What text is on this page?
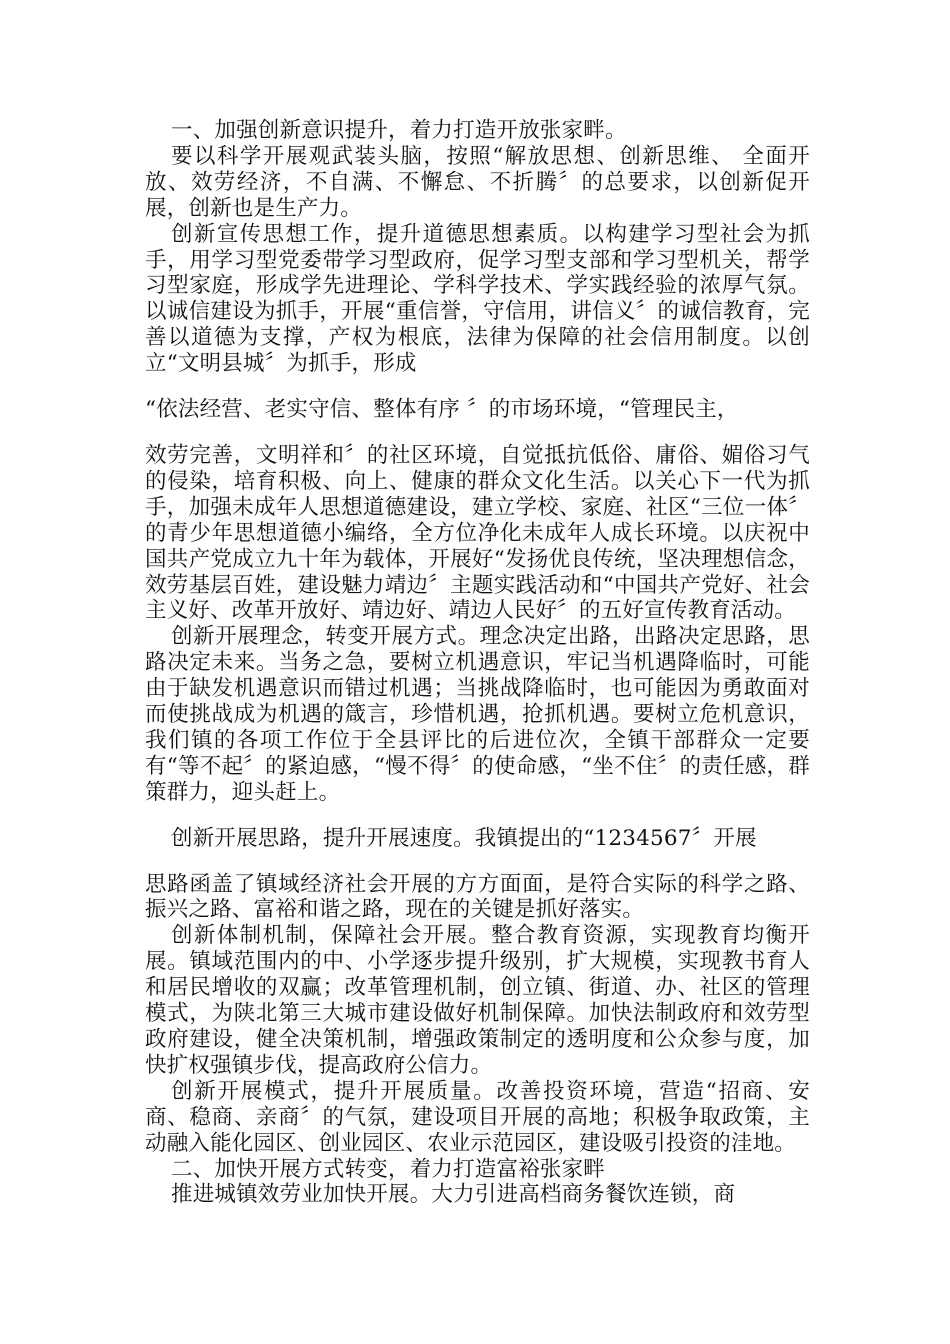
一、加强创新意识提升，着力打造开放张家畔。

要以科学开展观武装头脑，按照“解放思想、创新思维、 全面开放、效劳经济，不自满、不懈怠、不折腾〞的总要求，以创新促开展，创新也是生产力。

创新宣传思想工作，提升道德思想素质。以构建学习型社会为抓手，用学习型党委带学习型政府，促学习型支部和学习型机关，帮学习型家庭，形成学先进理论、学科学技术、学实践经验的浓厚气氛。以诚信建设为抓手，开展“重信誉，守信用，讲信义〞的诚信教育，完善以道德为支撑，产权为根底，法律为保障的社会信用制度。以创立“文明县城〞为抓手，形成

“依法经营、老实守信、整体有序 〞的市场环境，“管理民主，

效劳完善，文明祥和〞的社区环境，自觉抵抗低俗、庸俗、媚俗习气的侵染，培育积极、向上、健康的群众文化生活。以关心下一代为抓手，加强未成年人思想道德建设，建立学校、家庭、社区“三位一体〞的青少年思想道德小编络，全方位净化未成年人成长环境。以庆祝中国共产党成立九十年为载体，开展好“发扬优良传统，坚决理想信念，效劳基层百姓，建设魅力靖边〞主题实践活动和“中国共产党好、社会主义好、改革开放好、靖边好、靖边人民好〞的五好宣传教育活动。

创新开展理念，转变开展方式。理念决定出路，出路决定思路，思路决定未来。当务之急，要树立机遇意识，牢记当机遇降临时，可能由于缺发机遇意识而错过机遇；当挑战降临时，也可能因为勇敢面对而使挑战成为机遇的箴言，珍惜机遇，抢抓机遇。要树立危机意识，我们镇的各项工作位于全县评比的后进位次，全镇干部群众一定要有“等不起〞的紧迫感，“慢不得〞的使命感，“坐不住〞的责任感，群策群力，迎头赶上。

创新开展思路，提升开展速度。我镇提出的“1234567〞开展

思路函盖了镇域经济社会开展的方方面面，是符合实际的科学之路、振兴之路、富裕和谐之路，现在的关键是抓好落实。

创新体制机制，保障社会开展。整合教育资源，实现教育均衡开展。镇域范围内的中、小学逐步提升级别，扩大规模，实现教书育人和居民增收的双赢；改革管理机制，创立镇、街道、办、社区的管理模式，为陕北第三大城市建设做好机制保障。加快法制政府和效劳型政府建设，健全决策机制，增强政策制定的透明度和公众参与度，加快扩权强镇步伐，提高政府公信力。

创新开展模式，提升开展质量。改善投资环境，营造“招商、安商、稳商、亲商〞的气氛，建设项目开展的高地；积极争取政策，主动融入能化园区、创业园区、农业示范园区，建设吸引投资的洼地。

二、加快开展方式转变，着力打造富裕张家畔

推进城镇效劳业加快开展。大力引进高档商务餐饮连锁，商
